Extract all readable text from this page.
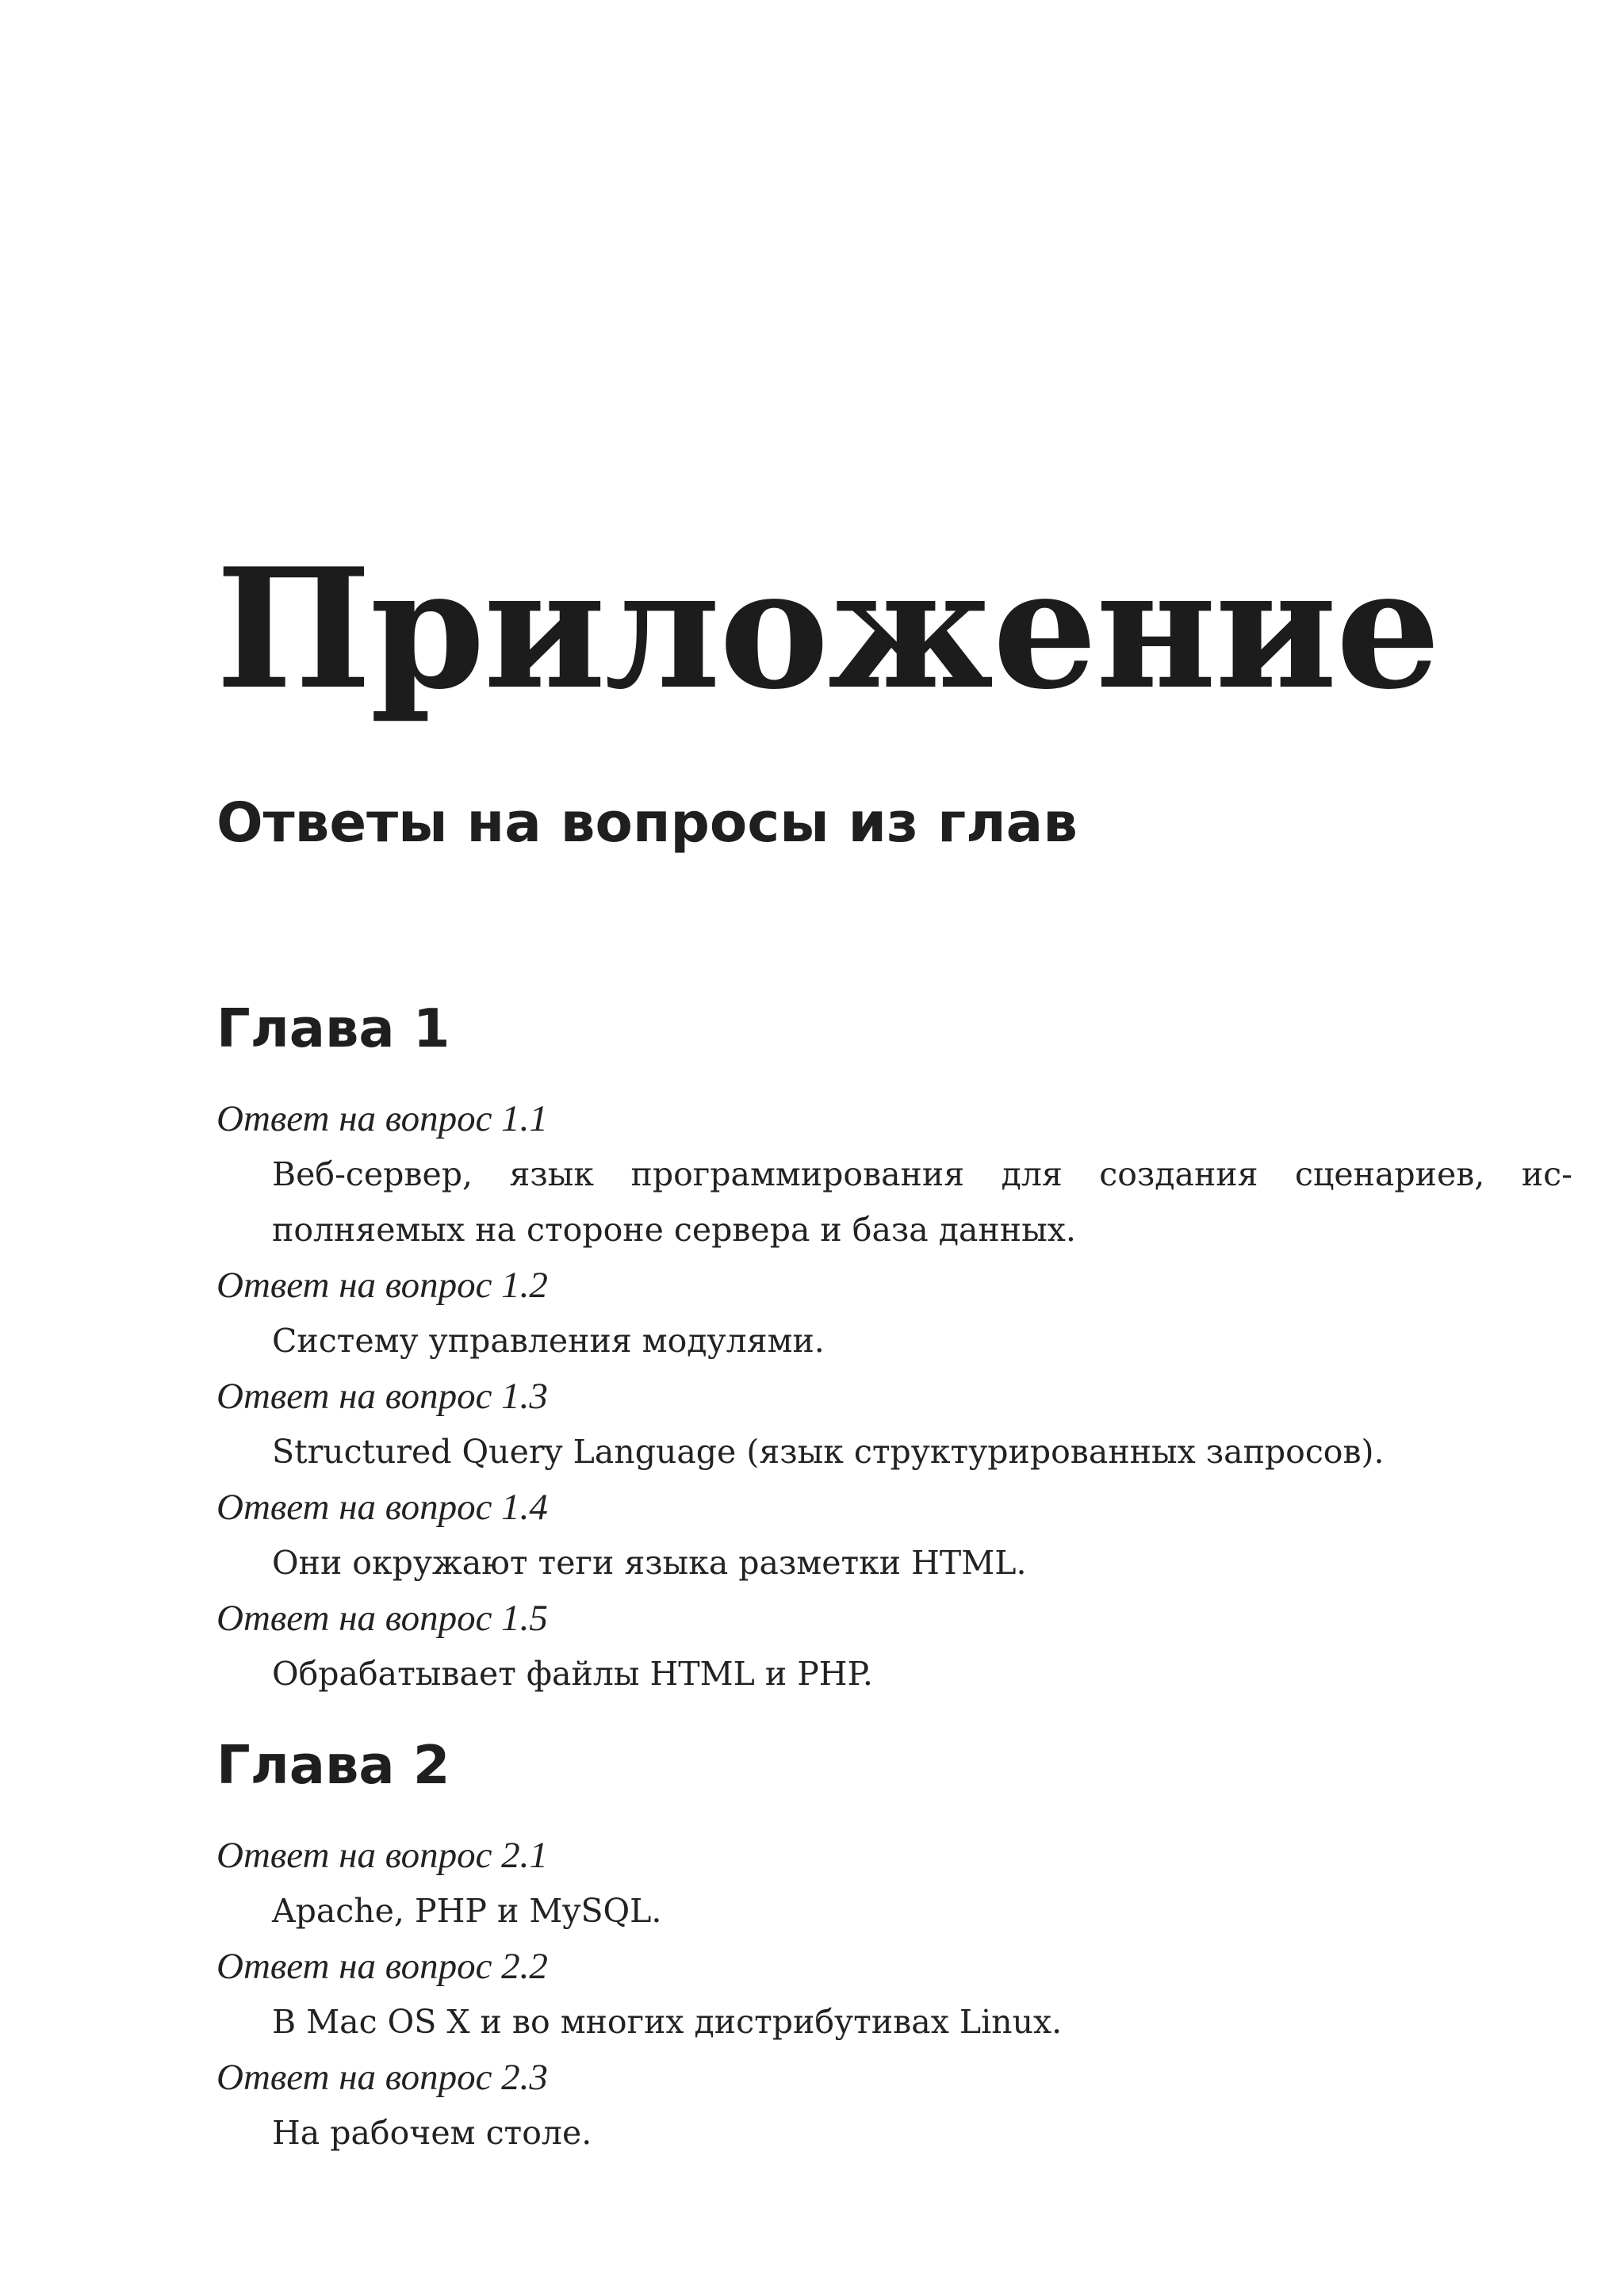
Приложение
Ответы на вопросы из глав
Глава 1
Ответ на вопрос 1.1
Веб-сервер, язык программирования для создания сценариев, исполняемых на стороне сервера и база данных.
Ответ на вопрос 1.2
Систему управления модулями.
Ответ на вопрос 1.3
Structured Query Language (язык структурированных запросов).
Ответ на вопрос 1.4
Они окружают теги языка разметки HTML.
Ответ на вопрос 1.5
Обрабатывает файлы HTML и PHP.
Глава 2
Ответ на вопрос 2.1
Apache, PHP и MySQL.
Ответ на вопрос 2.2
В Mac OS X и во многих дистрибутивах Linux.
Ответ на вопрос 2.3
На рабочем столе.
